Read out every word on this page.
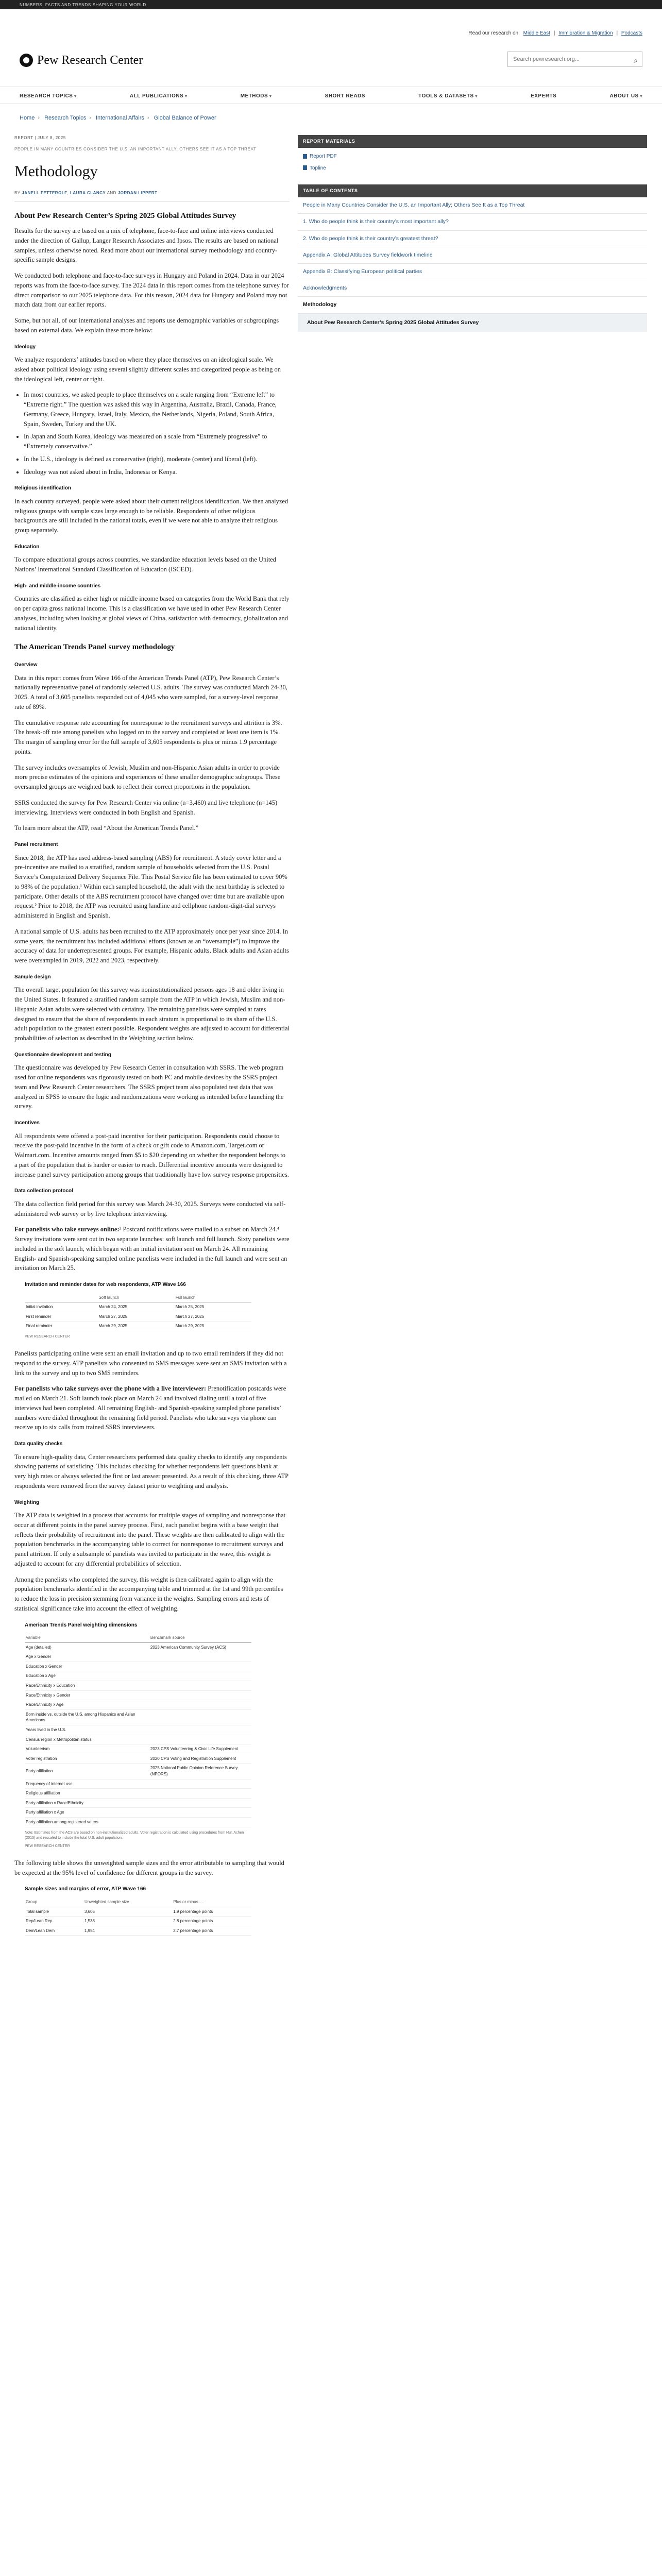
NUMBERS, FACTS AND TRENDS SHAPING YOUR WORLD
Read our research on: Middle East | Immigration & Migration | Podcasts
Pew Research Center	Search pewresearch.org...	⌕
RESEARCH TOPICS ▾	ALL PUBLICATIONS ▾	METHODS ▾	SHORT READS	TOOLS & DATASETS ▾	EXPERTS	ABOUT US ▾
Home › Research Topics › International Affairs › Global Balance of Power
REPORT | JULY 8, 2025
PEOPLE IN MANY COUNTRIES CONSIDER THE U.S. AN IMPORTANT ALLY; OTHERS SEE IT AS A TOP THREAT
Methodology
BY JANELL FETTEROLF, LAURA CLANCY AND JORDAN LIPPERT
About Pew Research Center’s Spring 2025 Global Attitudes Survey

Results for the survey are based on a mix of telephone, face-to-face and online interviews conducted under the direction of Gallup, Langer Research Associates and Ipsos. The results are based on national samples, unless otherwise noted. Read more about our international survey methodology and country-specific sample designs.

We conducted both telephone and face-to-face surveys in Hungary and Poland in 2024. Data in our 2024 reports was from the face-to-face survey. The 2024 data in this report comes from the telephone survey for direct comparison to our 2025 telephone data. For this reason, 2024 data for Hungary and Poland may not match data from our earlier reports.

Some, but not all, of our international analyses and reports use demographic variables or subgroupings based on external data. We explain these more below:

Ideology

We analyze respondents’ attitudes based on where they place themselves on an ideological scale. We asked about political ideology using several slightly different scales and categorized people as being on the ideological left, center or right.

• In most countries, we asked people to place themselves on a scale ranging from “Extreme left” to “Extreme right.” The question was asked this way in Argentina, Australia, Brazil, Canada, France, Germany, Greece, Hungary, Israel, Italy, Mexico, the Netherlands, Nigeria, Poland, South Africa, Spain, Sweden, Turkey and the UK.
• In Japan and South Korea, ideology was measured on a scale from “Extremely progressive” to “Extremely conservative.”
• In the U.S., ideology is defined as conservative (right), moderate (center) and liberal (left).
• Ideology was not asked about in India, Indonesia or Kenya.
Religious identification

In each country surveyed, people were asked about their current religious identification. We then analyzed religious groups with sample sizes large enough to be reliable. Respondents of other religious backgrounds are still included in the national totals, even if we were not able to analyze their religious group separately.

Education

To compare educational groups across countries, we standardize education levels based on the United Nations’ International Standard Classification of Education (ISCED).

High- and middle-income countries

Countries are classified as either high or middle income based on categories from the World Bank that rely on per capita gross national income. This is a classification we have used in other Pew Research Center analyses, including when looking at global views of China, satisfaction with democracy, globalization and national identity.

The American Trends Panel survey methodology
Overview

Data in this report comes from Wave 166 of the American Trends Panel (ATP), Pew Research Center’s nationally representative panel of randomly selected U.S. adults. The survey was conducted March 24-30, 2025. A total of 3,605 panelists responded out of 4,045 who were sampled, for a survey-level response rate of 89%.

The cumulative response rate accounting for nonresponse to the recruitment surveys and attrition is 3%. The break-off rate among panelists who logged on to the survey and completed at least one item is 1%. The margin of sampling error for the full sample of 3,605 respondents is plus or minus 1.9 percentage points.

The survey includes oversamples of Jewish, Muslim and non-Hispanic Asian adults in order to provide more precise estimates of the opinions and experiences of these smaller demographic subgroups. These oversampled groups are weighted back to reflect their correct proportions in the population.

SSRS conducted the survey for Pew Research Center via online (n=3,460) and live telephone (n=145) interviewing. Interviews were conducted in both English and Spanish.

To learn more about the ATP, read “About the American Trends Panel.”

Panel recruitment

Since 2018, the ATP has used address-based sampling (ABS) for recruitment. A study cover letter and a pre-incentive are mailed to a stratified, random sample of households selected from the U.S. Postal Service’s Computerized Delivery Sequence File. This Postal Service file has been estimated to cover 90% to 98% of the population.¹ Within each sampled household, the adult with the next birthday is selected to participate. Other details of the ABS recruitment protocol have changed over time but are available upon request.² Prior to 2018, the ATP was recruited using landline and cellphone random-digit-dial surveys administered in English and Spanish.

A national sample of U.S. adults has been recruited to the ATP approximately once per year since 2014. In some years, the recruitment has included additional efforts (known as an “oversample”) to improve the accuracy of data for underrepresented groups. For example, Hispanic adults, Black adults and Asian adults were oversampled in 2019, 2022 and 2023, respectively.

Sample design

The overall target population for this survey was noninstitutionalized persons ages 18 and older living in the United States. It featured a stratified random sample from the ATP in which Jewish, Muslim and non-Hispanic Asian adults were selected with certainty. The remaining panelists were sampled at rates designed to ensure that the share of respondents in each stratum is proportional to its share of the U.S. adult population to the greatest extent possible. Respondent weights are adjusted to account for differential probabilities of selection as described in the Weighting section below.

Questionnaire development and testing

The questionnaire was developed by Pew Research Center in consultation with SSRS. The web program used for online respondents was rigorously tested on both PC and mobile devices by the SSRS project team and Pew Research Center researchers. The SSRS project team also populated test data that was analyzed in SPSS to ensure the logic and randomizations were working as intended before launching the survey.

Incentives

All respondents were offered a post-paid incentive for their participation. Respondents could choose to receive the post-paid incentive in the form of a check or gift code to Amazon.com, Target.com or Walmart.com. Incentive amounts ranged from $5 to $20 depending on whether the respondent belongs to a part of the population that is harder or easier to reach. Differential incentive amounts were designed to increase panel survey participation among groups that traditionally have low survey response propensities.

Data collection protocol

The data collection field period for this survey was March 24-30, 2025. Surveys were conducted via self-administered web survey or by live telephone interviewing.

For panelists who take surveys online:³ Postcard notifications were mailed to a subset on March 24.⁴ Survey invitations were sent out in two separate launches: soft launch and full launch. Sixty panelists were included in the soft launch, which began with an initial invitation sent on March 24. All remaining English- and Spanish-speaking sampled online panelists were included in the full launch and were sent an invitation on March 25.

Invitation and reminder dates for web respondents, ATP Wave 166
	Soft launch	Full launch
Initial invitation	March 24, 2025	March 25, 2025
First reminder	March 27, 2025	March 27, 2025
Final reminder	March 29, 2025	March 29, 2025
PEW RESEARCH CENTER

Panelists participating online were sent an email invitation and up to two email reminders if they did not respond to the survey. ATP panelists who consented to SMS messages were sent an SMS invitation with a link to the survey and up to two SMS reminders.

For panelists who take surveys over the phone with a live interviewer: Prenotification postcards were mailed on March 21. Soft launch took place on March 24 and involved dialing until a total of five interviews had been completed. All remaining English- and Spanish-speaking sampled phone panelists’ numbers were dialed throughout the remaining field period. Panelists who take surveys via phone can receive up to six calls from trained SSRS interviewers.

Data quality checks

To ensure high-quality data, Center researchers performed data quality checks to identify any respondents showing patterns of satisficing. This includes checking for whether respondents left questions blank at very high rates or always selected the first or last answer presented. As a result of this checking, three ATP respondents were removed from the survey dataset prior to weighting and analysis.

Weighting

The ATP data is weighted in a process that accounts for multiple stages of sampling and nonresponse that occur at different points in the panel survey process. First, each panelist begins with a base weight that reflects their probability of recruitment into the panel. These weights are then calibrated to align with the population benchmarks in the accompanying table to correct for nonresponse to recruitment surveys and panel attrition. If only a subsample of panelists was invited to participate in the wave, this weight is adjusted to account for any differential probabilities of selection.

Among the panelists who completed the survey, this weight is then calibrated again to align with the population benchmarks identified in the accompanying table and trimmed at the 1st and 99th percentiles to reduce the loss in precision stemming from variance in the weights. Sampling errors and tests of statistical significance take into account the effect of weighting.

American Trends Panel weighting dimensions
Variable	Benchmark source
Age (detailed)	2023 American Community Survey (ACS)
Age x Gender	
Education x Gender	
Education x Age	
Race/Ethnicity x Education	
Race/Ethnicity x Gender	
Race/Ethnicity x Age	
Born inside vs. outside the U.S. among Hispanics and Asian Americans	
Years lived in the U.S.	
Census region x Metropolitan status	
Volunteerism	2023 CPS Volunteering & Civic Life Supplement
Voter registration	2020 CPS Voting and Registration Supplement
Party affiliation	2025 National Public Opinion Reference Survey (NPORS)
Frequency of internet use	
Religious affiliation	
Party affiliation x Race/Ethnicity	
Party affiliation x Age	
Party affiliation among registered voters	
Note: Estimates from the ACS are based on non-institutionalized adults. Voter registration is calculated using procedures from Hur, Achen (2013) and rescaled to include the total U.S. adult population.
PEW RESEARCH CENTER

The following table shows the unweighted sample sizes and the error attributable to sampling that would be expected at the 95% level of confidence for different groups in the survey.

Sample sizes and margins of error, ATP Wave 166
Group	Unweighted sample size	Plus or minus ...
Total sample	3,605	1.9 percentage points
Rep/Lean Rep	1,538	2.8 percentage points
Dem/Lean Dem	1,954	2.7 percentage points
REPORT MATERIALS
Report PDF
Topline
TABLE OF CONTENTS
People in Many Countries Consider the U.S. an Important Ally; Others See It as a Top Threat
1. Who do people think is their country’s most important ally?
2. Who do people think is their country’s greatest threat?
Appendix A: Global Attitudes Survey fieldwork timeline
Appendix B: Classifying European political parties
Acknowledgments
Methodology
About Pew Research Center’s Spring 2025 Global Attitudes Survey
